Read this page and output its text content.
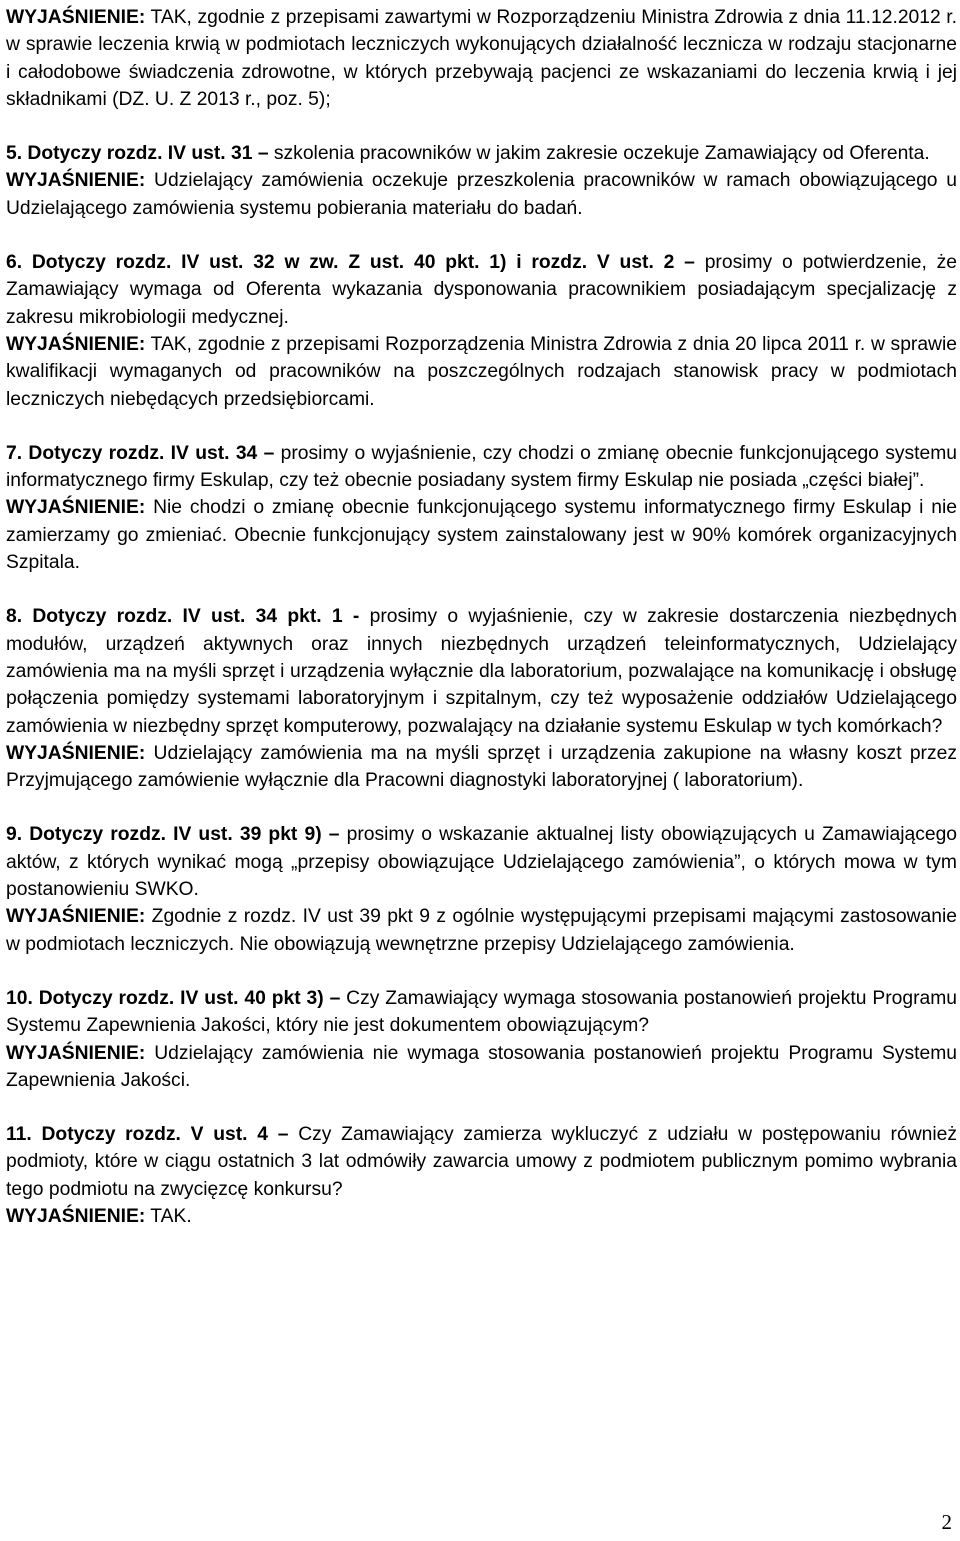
WYJAŚNIENIE: TAK, zgodnie z przepisami zawartymi w Rozporządzeniu Ministra Zdrowia z dnia 11.12.2012 r. w sprawie leczenia krwią w podmiotach leczniczych wykonujących działalność lecznicza w rodzaju stacjonarne i całodobowe świadczenia zdrowotne, w których przebywają pacjenci ze wskazaniami do leczenia krwią i jej składnikami (DZ. U. Z 2013 r., poz. 5);

5. Dotyczy rozdz. IV ust. 31 – szkolenia pracowników w jakim zakresie oczekuje Zamawiający od Oferenta.

WYJAŚNIENIE: Udzielający zamówienia oczekuje przeszkolenia pracowników w ramach obowiązującego u Udzielającego zamówienia systemu pobierania materiału do badań.

6. Dotyczy rozdz. IV ust. 32 w zw. Z ust. 40 pkt. 1) i rozdz. V ust. 2 – prosimy o potwierdzenie, że Zamawiający wymaga od Oferenta wykazania dysponowania pracownikiem posiadającym specjalizację z zakresu mikrobiologii medycznej.

WYJAŚNIENIE: TAK, zgodnie z przepisami Rozporządzenia Ministra Zdrowia z dnia 20 lipca 2011 r. w sprawie kwalifikacji wymaganych od pracowników na poszczególnych rodzajach stanowisk pracy w podmiotach leczniczych niebędących przedsiębiorcami.

7. Dotyczy rozdz. IV ust. 34 – prosimy o wyjaśnienie, czy chodzi o zmianę obecnie funkcjonującego systemu informatycznego firmy Eskulap, czy też obecnie posiadany system firmy Eskulap nie posiada „części białej”.

WYJAŚNIENIE: Nie chodzi o zmianę obecnie funkcjonującego systemu informatycznego firmy Eskulap i nie zamierzamy go zmieniać. Obecnie funkcjonujący system zainstalowany jest w 90% komórek organizacyjnych Szpitala.

8. Dotyczy rozdz. IV ust. 34 pkt. 1 - prosimy o wyjaśnienie, czy w zakresie dostarczenia niezbędnych modułów, urządzeń aktywnych oraz innych niezbędnych urządzeń teleinformatycznych, Udzielający zamówienia ma na myśli sprzęt i urządzenia wyłącznie dla laboratorium, pozwalające na komunikację i obsługę połączenia pomiędzy systemami laboratoryjnym i szpitalnym, czy też wyposażenie oddziałów Udzielającego zamówienia w niezbędny sprzęt komputerowy, pozwalający na działanie systemu Eskulap w tych komórkach?

WYJAŚNIENIE: Udzielający zamówienia ma na myśli sprzęt i urządzenia zakupione na własny koszt przez Przyjmującego zamówienie wyłącznie dla Pracowni diagnostyki laboratoryjnej ( laboratorium).

9. Dotyczy rozdz. IV ust. 39 pkt 9) – prosimy o wskazanie aktualnej listy obowiązujących u Zamawiającego aktów, z których wynikać mogą „przepisy obowiązujące Udzielającego zamówienia”, o których mowa w tym postanowieniu SWKO.

WYJAŚNIENIE: Zgodnie z rozdz. IV ust 39 pkt 9 z ogólnie występującymi przepisami mającymi zastosowanie w podmiotach leczniczych. Nie obowiązują wewnętrzne przepisy Udzielającego zamówienia.

10. Dotyczy rozdz. IV ust. 40 pkt 3) – Czy Zamawiający wymaga stosowania postanowień projektu Programu Systemu Zapewnienia Jakości, który nie jest dokumentem obowiązującym?

WYJAŚNIENIE: Udzielający zamówienia nie wymaga stosowania postanowień projektu Programu Systemu Zapewnienia Jakości.

11. Dotyczy rozdz. V ust. 4 – Czy Zamawiający zamierza wykluczyć z udziału w postępowaniu również podmioty, które w ciągu ostatnich 3 lat odmówiły zawarcia umowy z podmiotem publicznym pomimo wybrania tego podmiotu na zwycięzcę konkursu?

WYJAŚNIENIE: TAK.

2
